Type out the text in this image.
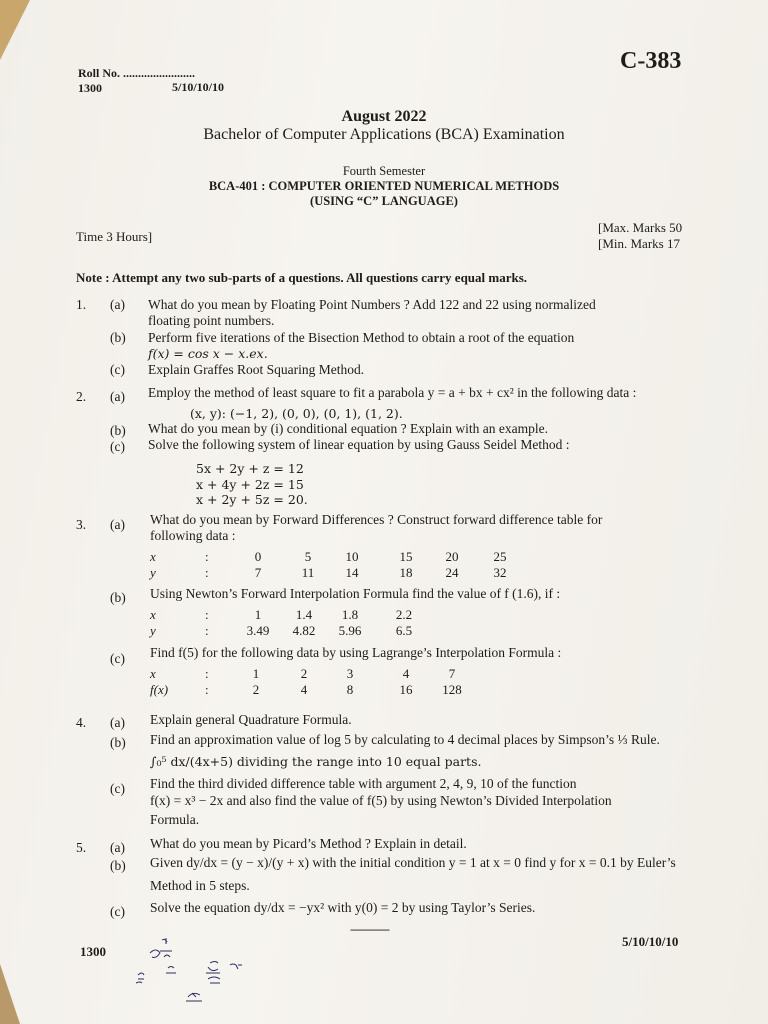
Roll No. ........................
1300	5/10/10/10
C-383
August 2022
Bachelor of Computer Applications (BCA) Examination
Fourth Semester
BCA-401 : COMPUTER ORIENTED NUMERICAL METHODS
(USING “C” LANGUAGE)
Time 3 Hours]
[Max. Marks 50
[Min. Marks 17
Note : Attempt any two sub-parts of a questions. All questions carry equal marks.
1. (a) What do you mean by Floating Point Numbers ? Add 122 and 22 using normalized
floating point numbers.
(b) Perform five iterations of the Bisection Method to obtain a root of the equation
f(x) = cos x − x.ex.
(c) Explain Graffes Root Squaring Method.
2. (a) Employ the method of least square to fit a parabola y = a + bx + cx² in the following data :
(x, y): (−1, 2), (0, 0), (0, 1), (1, 2).
(b) What do you mean by (i) conditional equation ? Explain with an example.
(c) Solve the following system of linear equation by using Gauss Seidel Method :
5x + 2y + z = 12
x + 4y + 2z = 15
x + 2y + 5z = 20.
3. (a) What do you mean by Forward Differences ? Construct forward difference table for
following data :
x	:	0	5	10	15	20	25
y	:	7	11	14	18	24	32
(b) Using Newton’s Forward Interpolation Formula find the value of f (1.6), if :
x	:	1	1.4	1.8	2.2
y	:	3.49	4.82	5.96	6.5
(c) Find f(5) for the following data by using Lagrange’s Interpolation Formula :
x	:	1	2	3	4	7
f(x)	:	2	4	8	16	128
4. (a) Explain general Quadrature Formula.
(b) Find an approximation value of log 5 by calculating to 4 decimal places by Simpson’s ⅓ Rule.
∫₀⁵ dx/(4x+5) dividing the range into 10 equal parts.
(c) Find the third divided difference table with argument 2, 4, 9, 10 of the function
f(x) = x³ − 2x and also find the value of f(5) by using Newton’s Divided Interpolation
Formula.
5. (a) What do you mean by Picard’s Method ? Explain in detail.
(b) Given dy/dx = (y − x)/(y + x) with the initial condition y = 1 at x = 0 find y for x = 0.1 by Euler’s
Method in 5 steps.
(c) Solve the equation dy/dx = −yx² with y(0) = 2 by using Taylor’s Series.
-------------
1300
5/10/10/10
